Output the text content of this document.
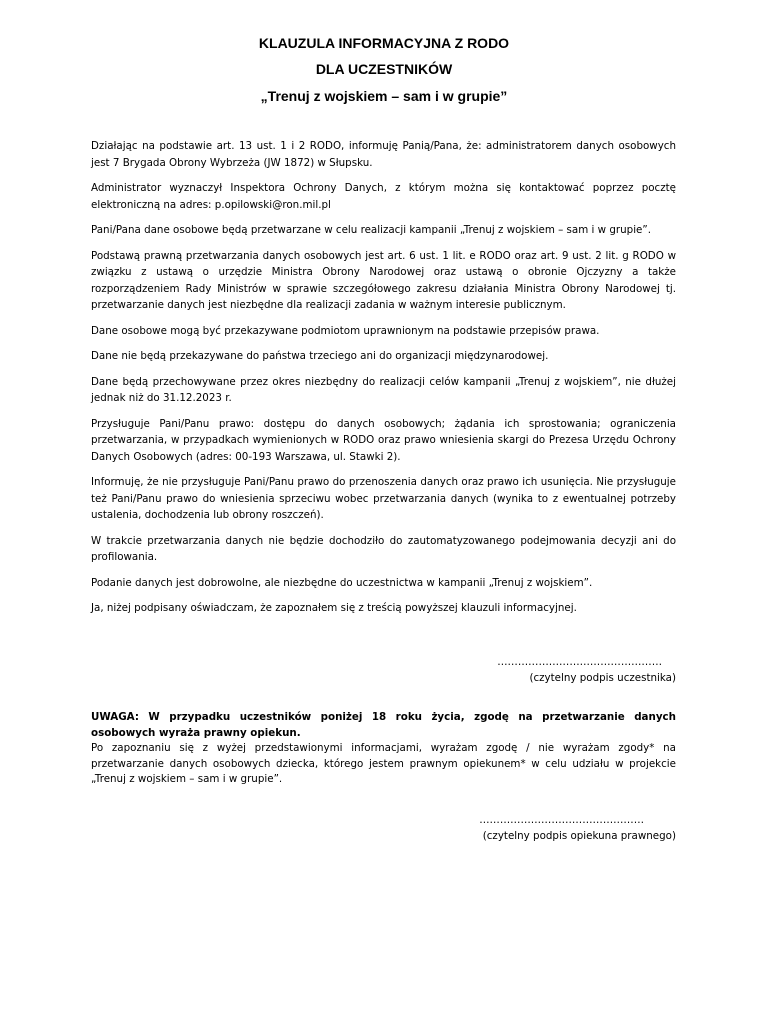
KLAUZULA INFORMACYJNA Z RODO
DLA UCZESTNIKÓW
„Trenuj z wojskiem – sam i w grupie”

Działając na podstawie art. 13 ust. 1 i 2 RODO, informuję Panią/Pana, że: administratorem danych osobowych jest 7 Brygada Obrony Wybrzeża (JW 1872) w Słupsku.

Administrator wyznaczył Inspektora Ochrony Danych, z którym można się kontaktować poprzez pocztę elektroniczną na adres: p.opilowski@ron.mil.pl

Pani/Pana dane osobowe będą przetwarzane w celu realizacji kampanii „Trenuj z wojskiem – sam i w grupie”.

Podstawą prawną przetwarzania danych osobowych jest art. 6 ust. 1 lit. e RODO oraz art. 9 ust. 2 lit. g RODO w związku z ustawą o urzędzie Ministra Obrony Narodowej oraz ustawą o obronie Ojczyzny a także rozporządzeniem Rady Ministrów w sprawie szczegółowego zakresu działania Ministra Obrony Narodowej tj. przetwarzanie danych jest niezbędne dla realizacji zadania w ważnym interesie publicznym.

Dane osobowe mogą być przekazywane podmiotom uprawnionym na podstawie przepisów prawa.

Dane nie będą przekazywane do państwa trzeciego ani do organizacji międzynarodowej.

Dane będą przechowywane przez okres niezbędny do realizacji celów kampanii „Trenuj z wojskiem”, nie dłużej jednak niż do 31.12.2023 r.

Przysługuje Pani/Panu prawo: dostępu do danych osobowych; żądania ich sprostowania; ograniczenia przetwarzania, w przypadkach wymienionych w RODO oraz prawo wniesienia skargi do Prezesa Urzędu Ochrony Danych Osobowych (adres: 00-193 Warszawa, ul. Stawki 2).

Informuję, że nie przysługuje Pani/Panu prawo do przenoszenia danych oraz prawo ich usunięcia. Nie przysługuje też Pani/Panu prawo do wniesienia sprzeciwu wobec przetwarzania danych (wynika to z ewentualnej potrzeby ustalenia, dochodzenia lub obrony roszczeń).

W trakcie przetwarzania danych nie będzie dochodziło do zautomatyzowanego podejmowania decyzji ani do profilowania.

Podanie danych jest dobrowolne, ale niezbędne do uczestnictwa w kampanii „Trenuj z wojskiem”.

Ja, niżej podpisany oświadczam, że zapoznałem się z treścią powyższej klauzuli informacyjnej.

…………………………………………
(czytelny podpis uczestnika)

UWAGA: W przypadku uczestników poniżej 18 roku życia, zgodę na przetwarzanie danych osobowych wyraża prawny opiekun.

Po zapoznaniu się z wyżej przedstawionymi informacjami, wyrażam zgodę / nie wyrażam zgody* na przetwarzanie danych osobowych dziecka, którego jestem prawnym opiekunem* w celu udziału w projekcie „Trenuj z wojskiem – sam i w grupie”.

…………………………………………
(czytelny podpis opiekuna prawnego)
